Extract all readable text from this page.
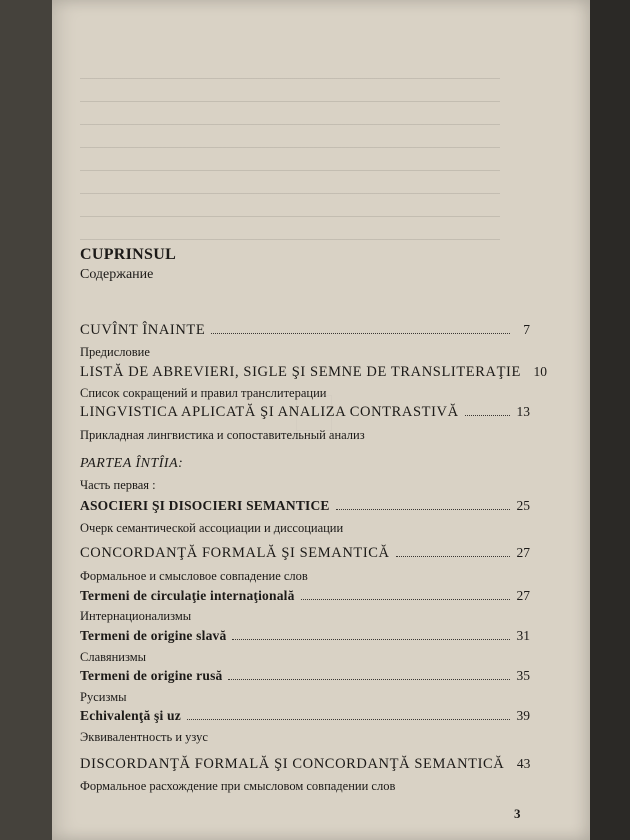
CUPRINSUL
Содержание
CUVÎNT ÎNAINTE	7
Предисловие
LISTĂ DE ABREVIERI, SIGLE ŞI SEMNE DE TRANSLITERAŢIE 10
Список сокращений и правил транслитерации
LINGVISTICA APLICATĂ ŞI ANALIZA CONTRASTIVĂ	13
Прикладная лингвистика и сопоставительный анализ
PARTEA ÎNTÎIA:
Часть первая :
ASOCIERI ŞI DISOCIERI SEMANTICE	25
Очерк семантической ассоциации и диссоциации
CONCORDANŢĂ FORMALĂ ŞI SEMANTICĂ	27
Формальное и смысловое совпадение слов
Termeni de circulaţie internaţională	27
Интернационализмы
Termeni de origine slavă	31
Славянизмы
Termeni de origine rusă	35
Русизмы
Echivalenţă şi uz	39
Эквивалентность и узус
DISCORDANŢĂ FORMALĂ ŞI CONCORDANŢĂ SEMANTICĂ 43
Формальное расхождение при смысловом совпадении слов
3
